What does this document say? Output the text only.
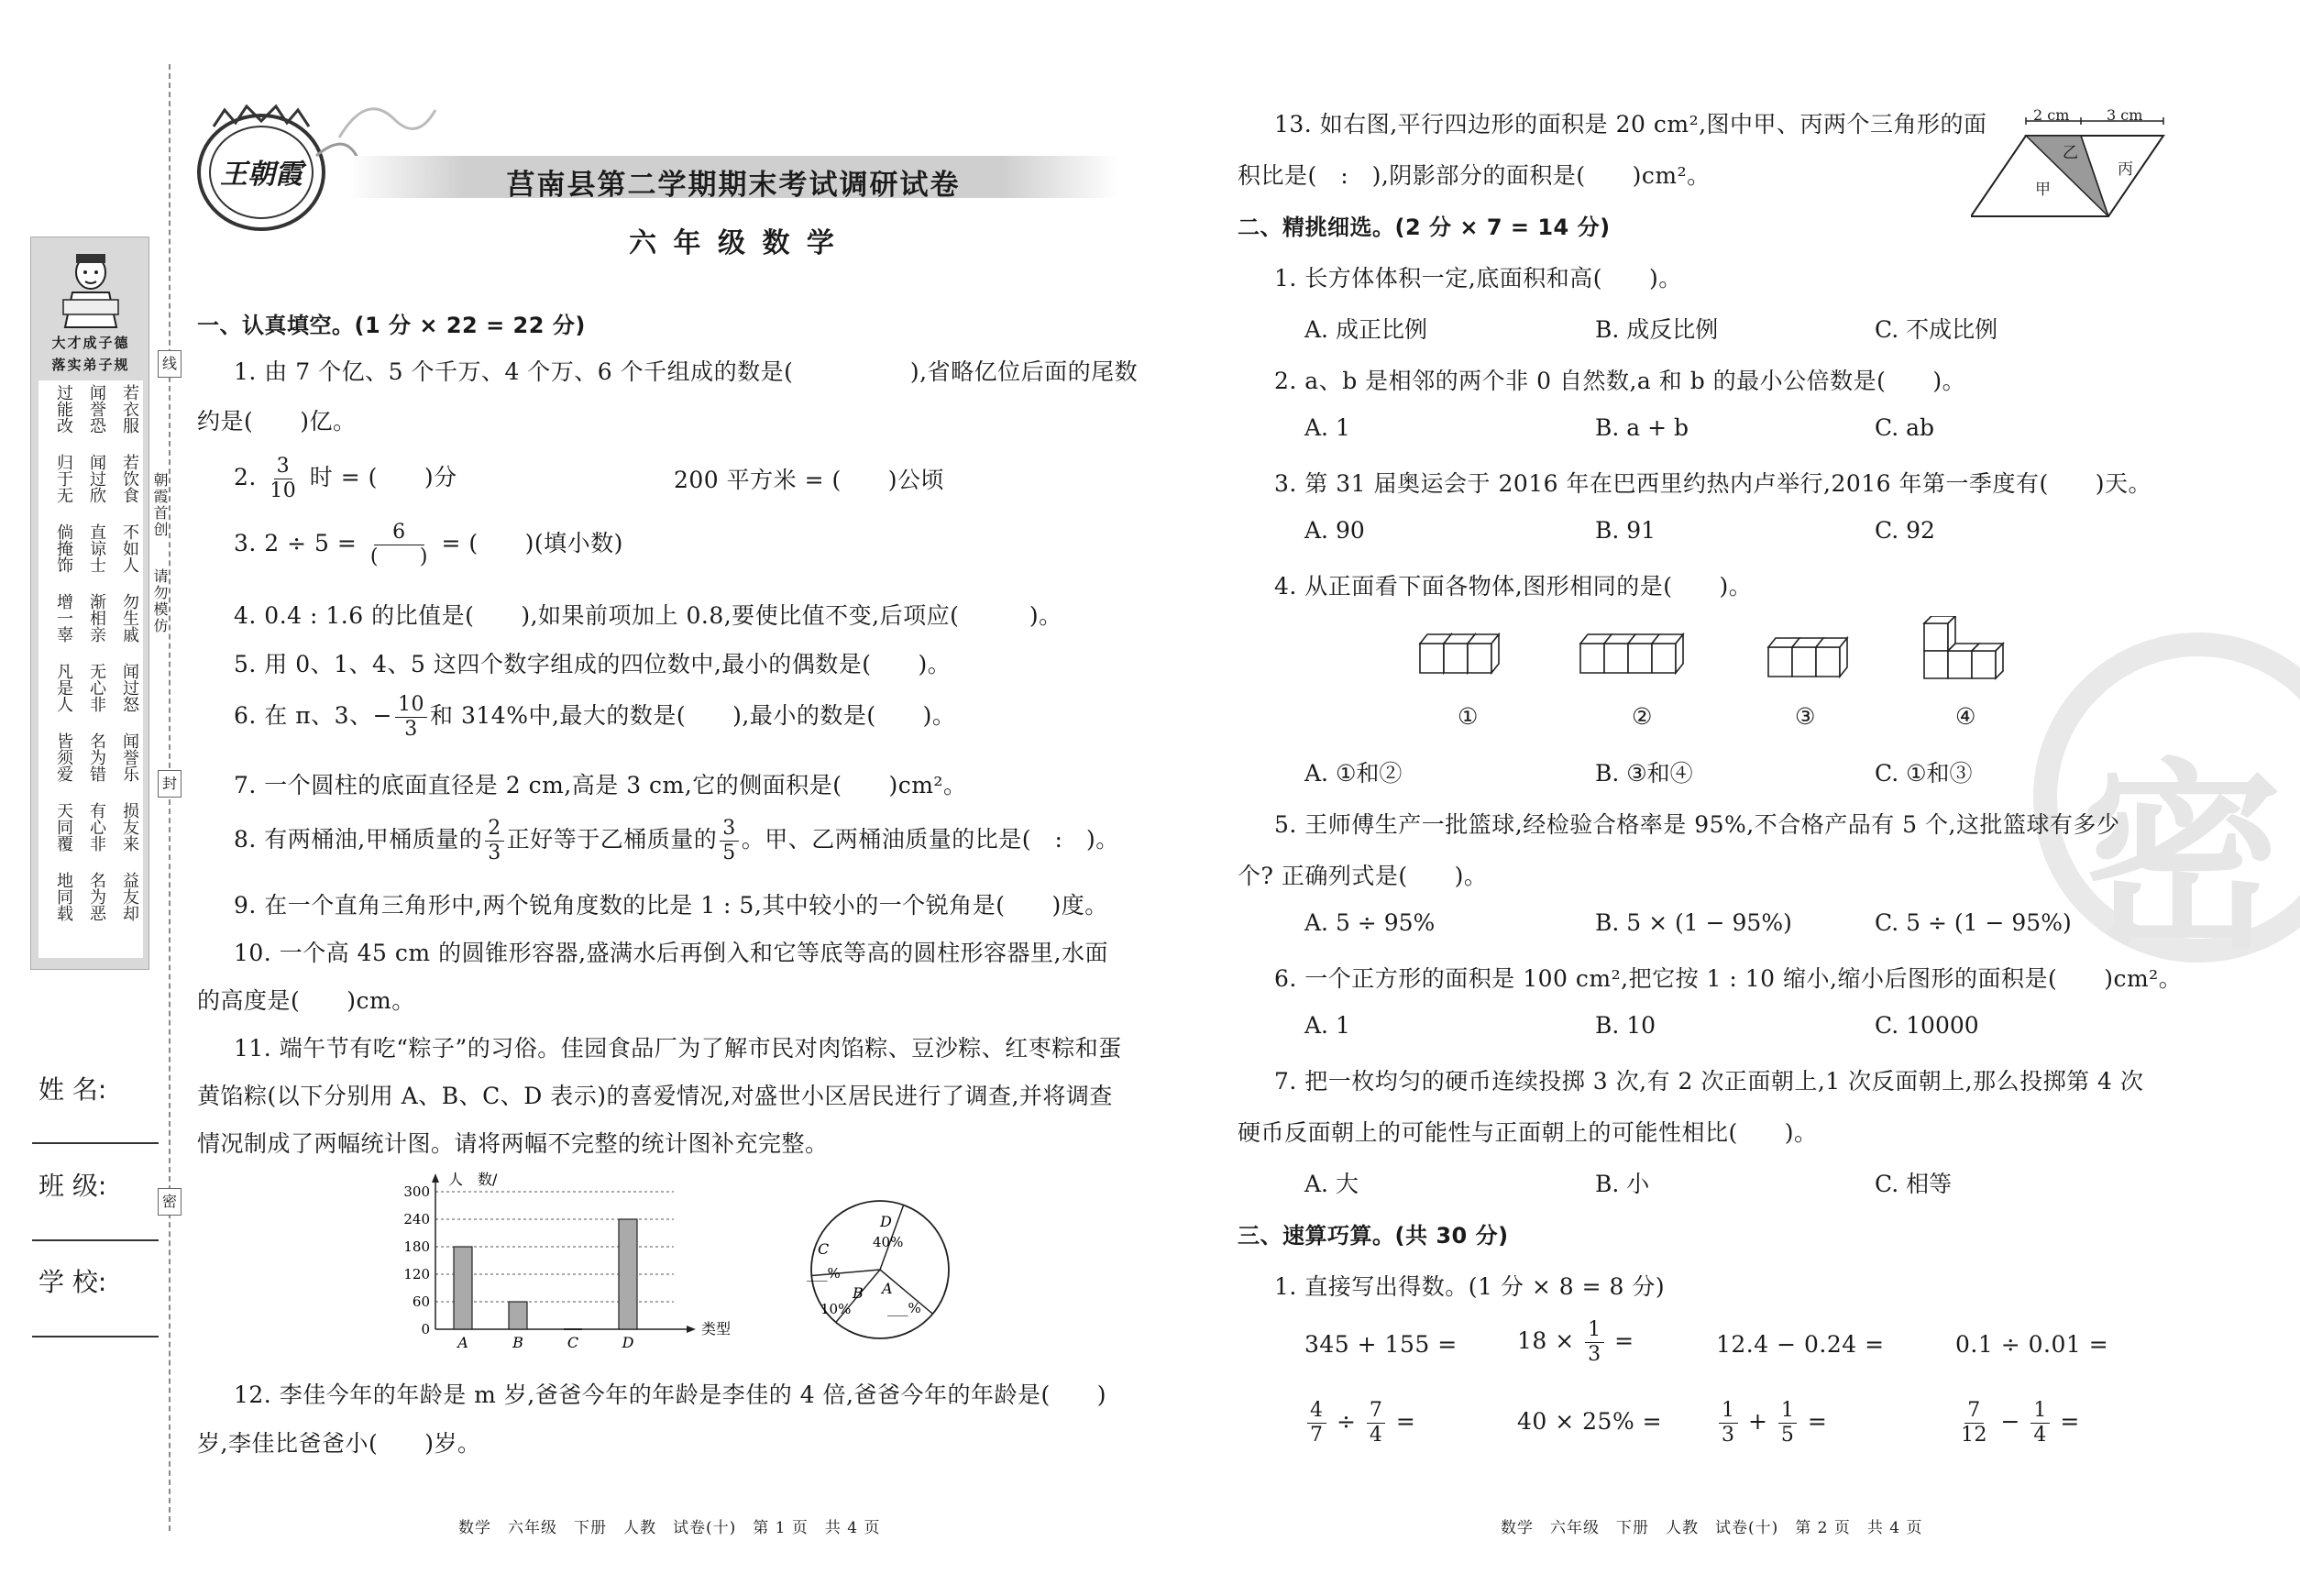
大才成子德
落实弟子规
若衣服
闻誉恐
过能改
若饮食
闻过欣
归于无
不如人
直谅士
倘掩饰
勿生戚
渐相亲
增一辜
闻过怒
无心非
凡是人
闻誉乐
名为错
皆须爱
损友来
有心非
天同覆
益友却
名为恶
地同载
线
朝霞首创
请勿模仿
封
密
姓 名:
班 级:
学 校:
王朝霞	莒南县第二学期期末考试调研试卷
六 年 级 数 学
一、认真填空。(1 分 × 22 = 22 分)
1. 由 7 个亿、5 个千万、4 个万、6 个千组成的数是(　　　　　),省略亿位后面的尾数
约是(　　)亿。
2. $\frac{3}{10}$ 时 = (　　)分	200 平方米 = (　　)公顷
3. $2 \div 5 = \frac{6}{( )}$ = (　　)(填小数)
4. 0.4 : 1.6 的比值是(　　),如果前项加上 0.8,要使比值不变,后项应(　　　)。
5. 用 0、1、4、5 这四个数字组成的四位数中,最小的偶数是(　　)。
6. 在 π、3、− $\frac{10}{3}$ 和 314%中,最大的数是(　　),最小的数是(　　)。
7. 一个圆柱的底面直径是 2 cm,高是 3 cm,它的侧面积是(　　)cm²。
8. 有两桶油,甲桶质量的 $\frac{2}{3}$ 正好等于乙桶质量的 $\frac{3}{5}$ 。甲、乙两桶油质量的比是(　:　)。
9. 在一个直角三角形中,两个锐角度数的比是 1 : 5,其中较小的一个锐角是(　　)度。
10. 一个高 45 cm 的圆锥形容器,盛满水后再倒入和它等底等高的圆柱形容器里,水面
的高度是(　　)cm。
11. 端午节有吃“粽子”的习俗。佳园食品厂为了解市民对肉馅粽、豆沙粽、红枣粽和蛋
黄馅粽(以下分别用 A、B、C、D 表示)的喜爱情况,对盛世小区居民进行了调查,并将调查
情况制成了两幅统计图。请将两幅不完整的统计图补充完整。
0
60
120
180
240
300
人　数/
类型
A	B	C	D
D
40%
C
___%
B
10%
A
___%
12. 李佳今年的年龄是 m 岁,爸爸今年的年龄是李佳的 4 倍,爸爸今年的年龄是(　　)
岁,李佳比爸爸小(　　)岁。
数学　六年级　下册　人教　试卷(十)　第 1 页　共 4 页
密
13. 如右图,平行四边形的面积是 20 cm²,图中甲、丙两个三角形的面
积比是(　:　),阴影部分的面积是(　　)cm²。
2 cm	3 cm
甲
乙
丙
二、精挑细选。(2 分 × 7 = 14 分)
1. 长方体体积一定,底面积和高(　　)。
A. 成正比例	B. 成反比例	C. 不成比例
2. a、b 是相邻的两个非 0 自然数,a 和 b 的最小公倍数是(　　)。
A. 1	B. a + b	C. ab
3. 第 31 届奥运会于 2016 年在巴西里约热内卢举行,2016 年第一季度有(　　)天。
A. 90	B. 91	C. 92
4. 从正面看下面各物体,图形相同的是(　　)。
①	②	③	④
A. ①和②	B. ③和④	C. ①和③
5. 王师傅生产一批篮球,经检验合格率是 95%,不合格产品有 5 个,这批篮球有多少
个? 正确列式是(　　)。
A. 5 ÷ 95%	B. 5 × (1 − 95%)	C. 5 ÷ (1 − 95%)
6. 一个正方形的面积是 100 cm²,把它按 1 : 10 缩小,缩小后图形的面积是(　　)cm²。
A. 1	B. 10	C. 10000
7. 把一枚均匀的硬币连续投掷 3 次,有 2 次正面朝上,1 次反面朝上,那么投掷第 4 次
硬币反面朝上的可能性与正面朝上的可能性相比(　　)。
A. 大	B. 小	C. 相等
三、速算巧算。(共 30 分)
1. 直接写出得数。(1 分 × 8 = 8 分)
345 + 155 =	$18 \times \frac{1}{3}$ =	12.4 − 0.24 =	0.1 ÷ 0.01 =
$\frac{4}{7} \div \frac{7}{4}$ =	40 × 25% =	$\frac{1}{3} + \frac{1}{5}$ =	$\frac{7}{12} - \frac{1}{4}$ =
数学　六年级　下册　人教　试卷(十)　第 2 页　共 4 页
